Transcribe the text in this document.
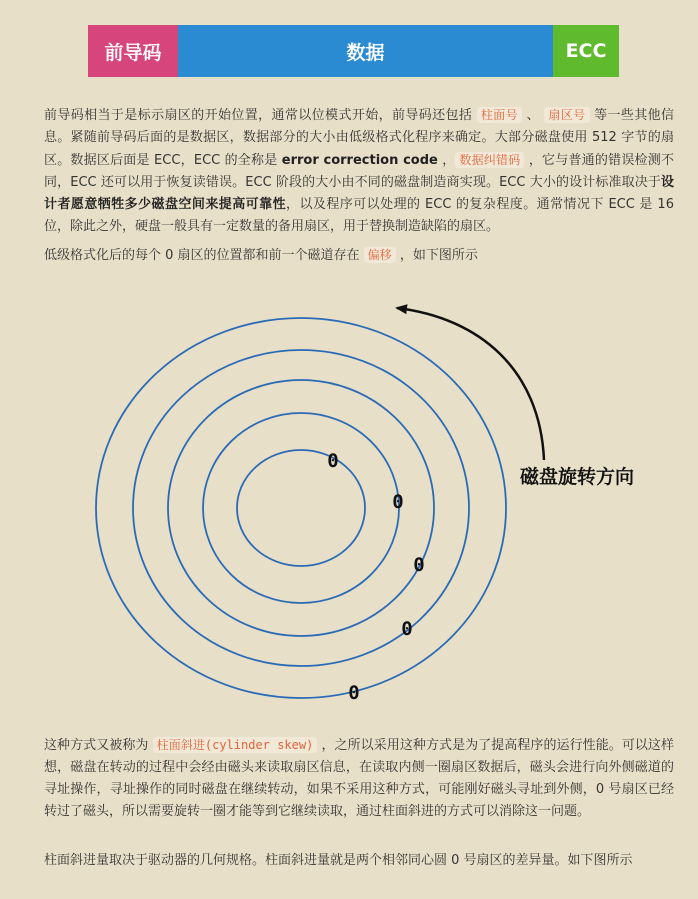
前导码	数据	ECC

前导码相当于是标示扇区的开始位置，通常以位模式开始，前导码还包括 柱面号 、 扇区号 等一些其他信息。紧随前导码后面的是数据区，数据部分的大小由低级格式化程序来确定。大部分磁盘使用 512 字节的扇区。数据区后面是 ECC，ECC 的全称是 error correction code ， 数据纠错码 ，它与普通的错误检测不同，ECC 还可以用于恢复读错误。ECC 阶段的大小由不同的磁盘制造商实现。ECC 大小的设计标准取决于设计者愿意牺牲多少磁盘空间来提高可靠性，以及程序可以处理的 ECC 的复杂程度。通常情况下 ECC 是 16 位，除此之外，硬盘一般具有一定数量的备用扇区，用于替换制造缺陷的扇区。

低级格式化后的每个 0 扇区的位置都和前一个磁道存在 偏移 ，如下图所示

0
0
0
0
0
磁盘旋转方向

这种方式又被称为 柱面斜进(cylinder skew) ，之所以采用这种方式是为了提高程序的运行性能。可以这样想，磁盘在转动的过程中会经由磁头来读取扇区信息，在读取内侧一圈扇区数据后，磁头会进行向外侧磁道的寻址操作，寻址操作的同时磁盘在继续转动，如果不采用这种方式，可能刚好磁头寻址到外侧，0 号扇区已经转过了磁头，所以需要旋转一圈才能等到它继续读取，通过柱面斜进的方式可以消除这一问题。

柱面斜进量取决于驱动器的几何规格。柱面斜进量就是两个相邻同心圆 0 号扇区的差异量。如下图所示
